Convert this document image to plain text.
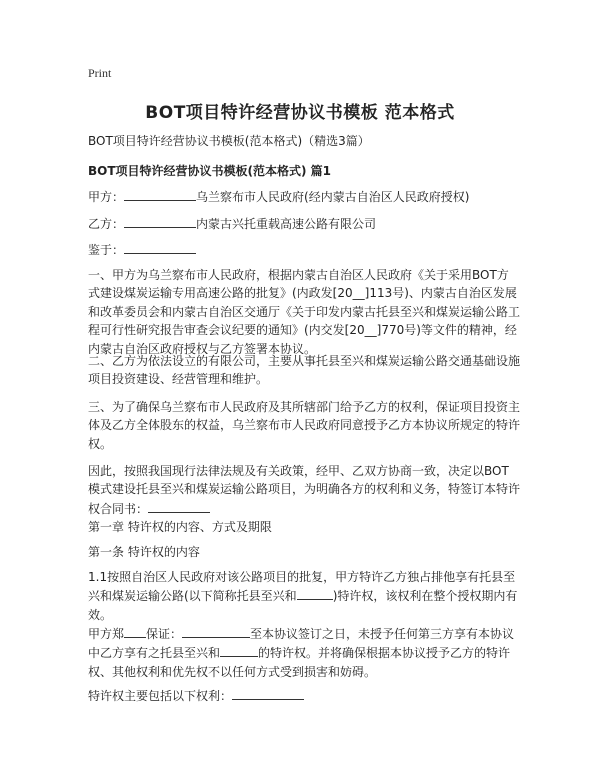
Print
BOT项目特许经营协议书模板 范本格式

BOT项目特许经营协议书模板(范本格式)（精选3篇）

BOT项目特许经营协议书模板(范本格式) 篇1

甲方：	乌兰察布市人民政府(经内蒙古自治区人民政府授权)

乙方：	内蒙古兴托重载高速公路有限公司

鉴于：

一、甲方为乌兰察布市人民政府，根据内蒙古自治区人民政府《关于采用BOT方式建设煤炭运输专用高速公路的批复》(内政发[20__]113号)、内蒙古自治区发展和改革委员会和内蒙古自治区交通厅《关于印发内蒙古托县至兴和煤炭运输公路工程可行性研究报告审查会议纪要的通知》(内交发[20__]770号)等文件的精神，经内蒙古自治区政府授权与乙方签署本协议。

二、乙方为依法设立的有限公司，主要从事托县至兴和煤炭运输公路交通基础设施项目投资建设、经营管理和维护。

三、为了确保乌兰察布市人民政府及其所辖部门给予乙方的权利，保证项目投资主体及乙方全体股东的权益，乌兰察布市人民政府同意授予乙方本协议所规定的特许权。

因此，按照我国现行法律法规及有关政策，经甲、乙双方协商一致，决定以BOT模式建设托县至兴和煤炭运输公路项目，为明确各方的权利和义务，特签订本特许权合同书：

第一章 特许权的内容、方式及期限

第一条 特许权的内容

1.1按照自治区人民政府对该公路项目的批复，甲方特许乙方独占排他享有托县至兴和煤炭运输公路(以下简称托县至兴和	)特许权，该权利在整个授权期内有效。

甲方郑 保证：	至本协议签订之日，未授予任何第三方享有本协议中乙方享有之托县至兴和	的特许权。并将确保根据本协议授予乙方的特许权、其他权利和优先权不以任何方式受到损害和妨碍。

特许权主要包括以下权利：
